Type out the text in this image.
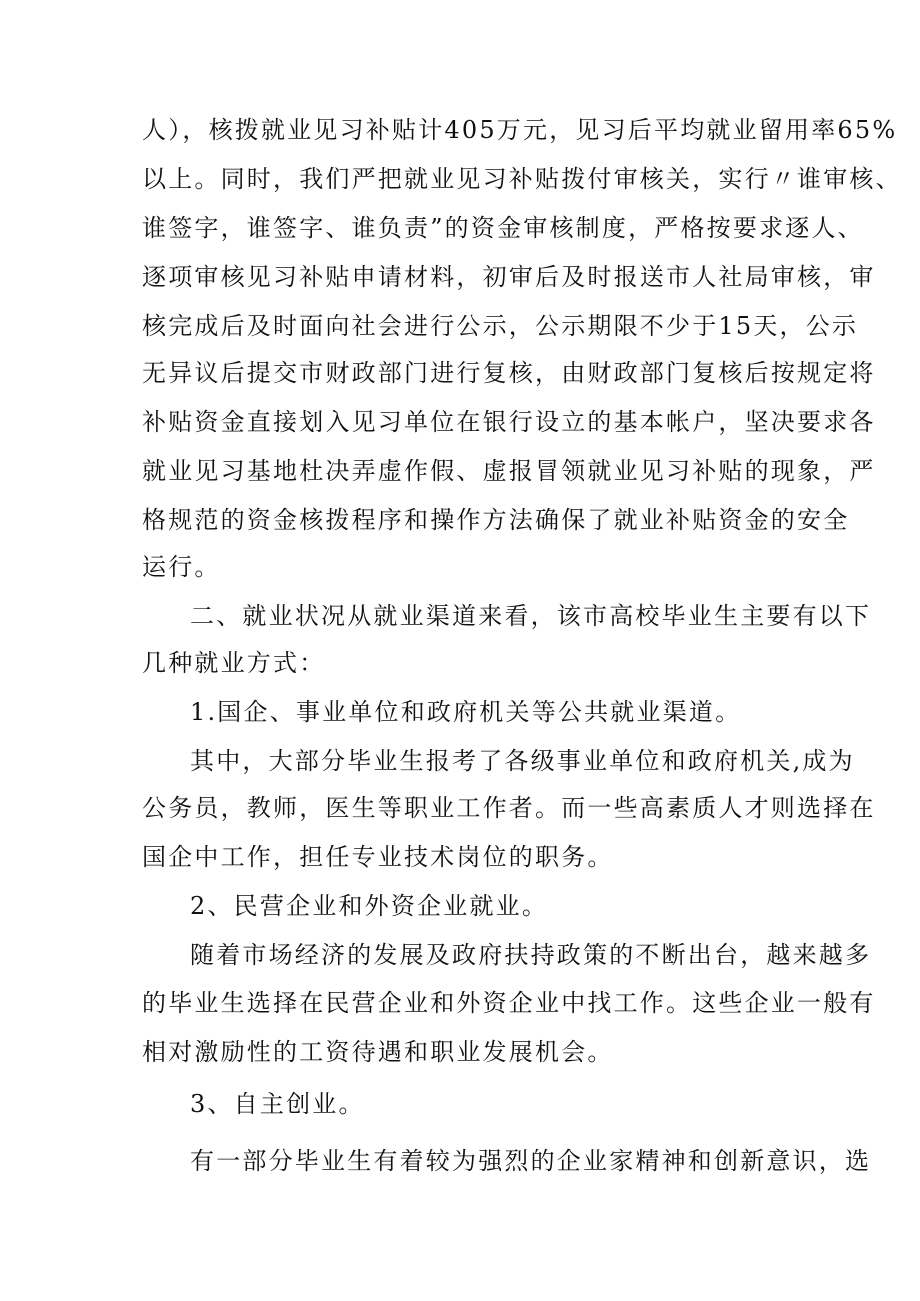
人），核拨就业见习补贴计405万元，见习后平均就业留用率65%
以上。同时，我们严把就业见习补贴拨付审核关，实行〃谁审核、
谁签字，谁签字、谁负责”的资金审核制度，严格按要求逐人、
逐项审核见习补贴申请材料，初审后及时报送市人社局审核，审
核完成后及时面向社会进行公示，公示期限不少于15天，公示
无异议后提交市财政部门进行复核，由财政部门复核后按规定将
补贴资金直接划入见习单位在银行设立的基本帐户，坚决要求各
就业见习基地杜决弄虚作假、虚报冒领就业见习补贴的现象，严
格规范的资金核拨程序和操作方法确保了就业补贴资金的安全
运行。
二、就业状况从就业渠道来看，该市高校毕业生主要有以下
几种就业方式：
1.国企、事业单位和政府机关等公共就业渠道。
其中，大部分毕业生报考了各级事业单位和政府机关,成为
公务员，教师，医生等职业工作者。而一些高素质人才则选择在
国企中工作，担任专业技术岗位的职务。
2、民营企业和外资企业就业。
随着市场经济的发展及政府扶持政策的不断出台，越来越多
的毕业生选择在民营企业和外资企业中找工作。这些企业一般有
相对激励性的工资待遇和职业发展机会。
3、自主创业。
有一部分毕业生有着较为强烈的企业家精神和创新意识，选
